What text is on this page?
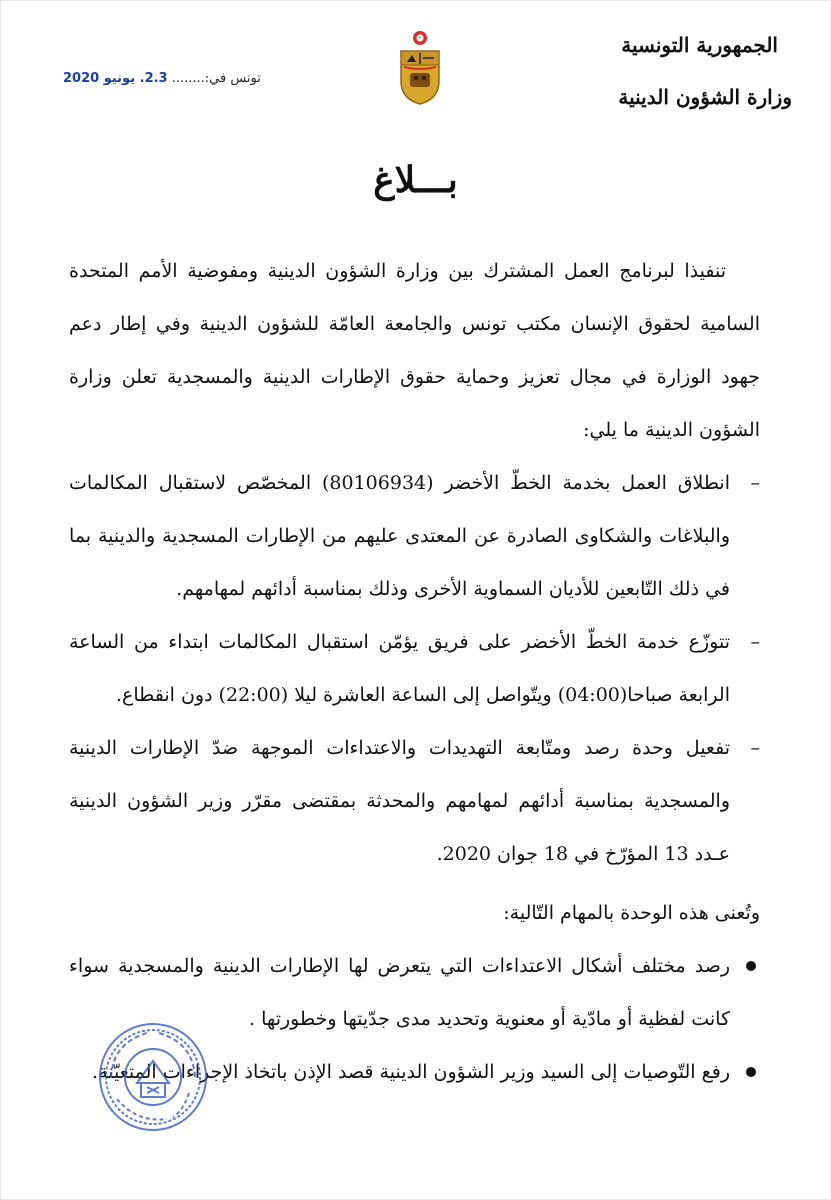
الجمهورية التونسية
وزارة الشؤون الدينية
تونس في:........ 2.3. يونيو 2020
بـــلاغ

تنفيذا لبرنامج العمل المشترك بين وزارة الشؤون الدينية ومفوضية الأمم المتحدة السامية لحقوق الإنسان مكتب تونس والجامعة العامّة للشؤون الدينية وفي إطار دعم جهود الوزارة في مجال تعزيز وحماية حقوق الإطارات الدينية والمسجدية تعلن وزارة الشؤون الدينية ما يلي:

–
انطلاق العمل بخدمة الخطّ الأخضر (80106934) المخصّص لاستقبال المكالمات والبلاغات والشكاوى الصادرة عن المعتدى عليهم من الإطارات المسجدية والدينية بما في ذلك التّابعين للأديان السماوية الأخرى وذلك بمناسبة أدائهم لمهامهم.

–
تتوزّع خدمة الخطّ الأخضر على فريق يؤمّن استقبال المكالمات ابتداء من الساعة الرابعة صباحا(04:00) ويتّواصل إلى الساعة العاشرة ليلا (22:00) دون انقطاع.

–
تفعيل وحدة رصد ومتّابعة التهديدات والاعتداءات الموجهة ضدّ الإطارات الدينية والمسجدية بمناسبة أدائهم لمهامهم والمحدثة بمقتضى مقرّر وزير الشؤون الدينية عـدد 13 المؤرّخ في 18 جوان 2020.

وتُعنى هذه الوحدة بالمهام التّالية:

رصد مختلف أشكال الاعتداءات التي يتعرض لها الإطارات الدينية والمسجدية سواء كانت لفظية أو مادّية أو معنوية وتحديد مدى جدّيتها وخطورتها .

رفع التّوصيات إلى السيد وزير الشؤون الدينية قصد الإذن باتخاذ الإجراءات المتعيّنة.
